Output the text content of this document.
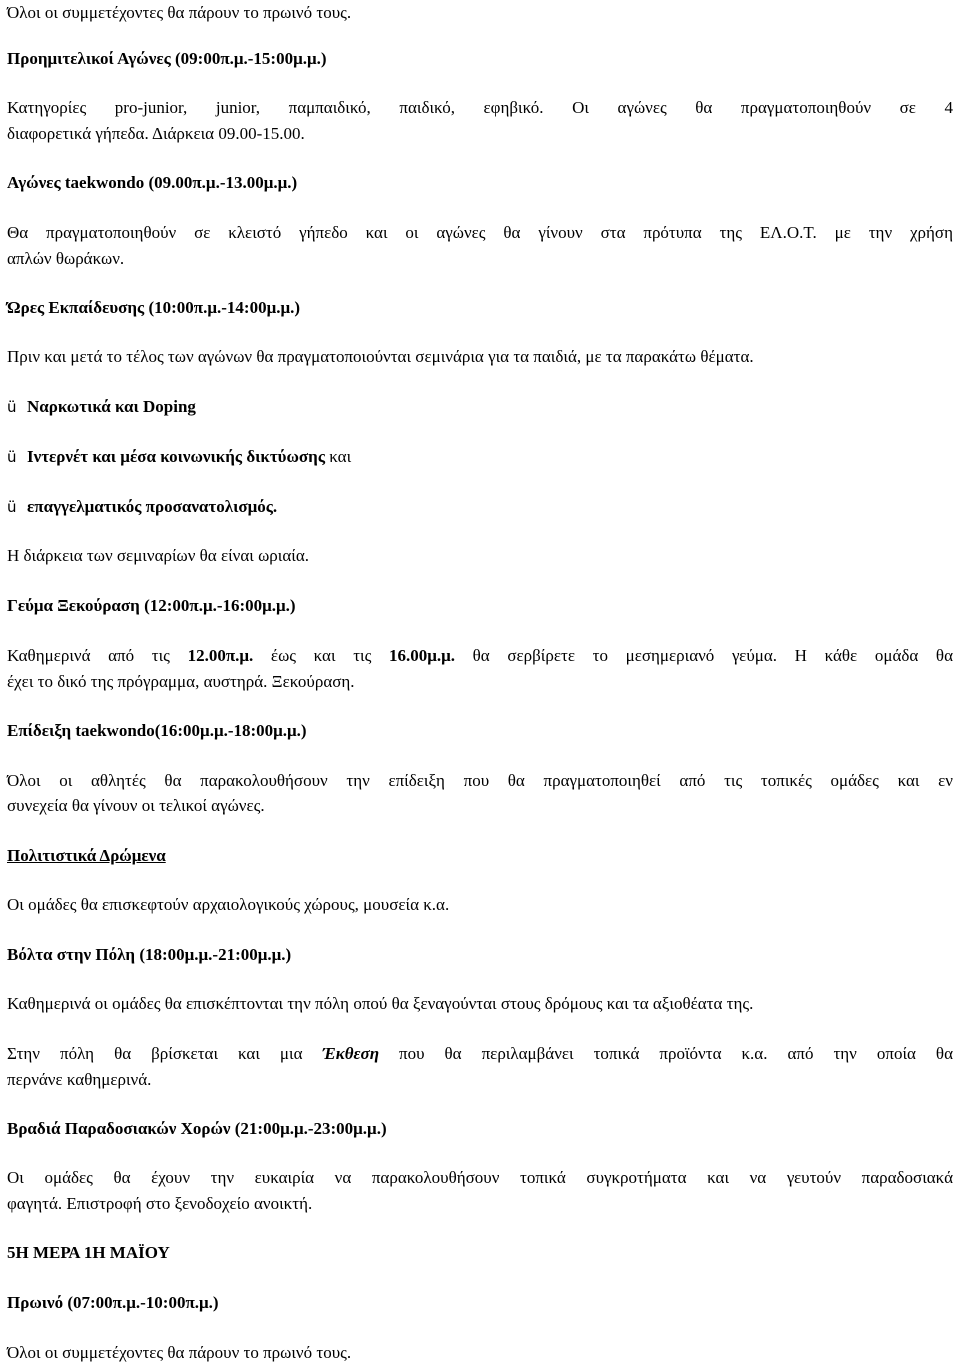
Όλοι οι συμμετέχοντες θα πάρουν το πρωινό τους.
Προημιτελικοί Αγώνες (09:00π.μ.-15:00μ.μ.)
Κατηγορίες pro-junior, junior, παμπαιδικό, παιδικό, εφηβικό. Οι αγώνες θα πραγματοποιηθούν σε 4
διαφορετικά γήπεδα. Διάρκεια 09.00-15.00.
Αγώνες taekwondo (09.00π.μ.-13.00μ.μ.)
Θα πραγματοποιηθούν σε κλειστό γήπεδο και οι αγώνες θα γίνουν στα πρότυπα της ΕΛ.Ο.Τ. με την χρήση
απλών θωράκων.
Ώρες Εκπαίδευσης (10:00π.μ.-14:00μ.μ.)
Πριν και μετά το τέλος των αγώνων θα πραγματοποιούνται σεμινάρια για τα παιδιά, με τα παρακάτω θέματα.
ü Ναρκωτικά και Doping
ü Ιντερνέτ και μέσα κοινωνικής δικτύωσης και
ü επαγγελματικός προσανατολισμός.
Η διάρκεια των σεμιναρίων θα είναι ωριαία.
Γεύμα Ξεκούραση (12:00π.μ.-16:00μ.μ.)
Καθημερινά από τις 12.00π.μ. έως και τις 16.00μ.μ. θα σερβίρετε το μεσημεριανό γεύμα. Η κάθε ομάδα θα
έχει το δικό της πρόγραμμα, αυστηρά. Ξεκούραση.
Επίδειξη taekwondo(16:00μ.μ.-18:00μ.μ.)
Όλοι οι αθλητές θα παρακολουθήσουν την επίδειξη που θα πραγματοποιηθεί από τις τοπικές ομάδες και εν
συνεχεία θα γίνουν οι τελικοί αγώνες.
Πολιτιστικά Δρώμενα
Οι ομάδες θα επισκεφτούν αρχαιολογικούς χώρους, μουσεία κ.α.
Βόλτα στην Πόλη (18:00μ.μ.-21:00μ.μ.)
Καθημερινά οι ομάδες θα επισκέπτονται την πόλη οπού θα ξεναγούνται στους δρόμους και τα αξιοθέατα της.
Στην πόλη θα βρίσκεται και μια Έκθεση που θα περιλαμβάνει τοπικά προϊόντα κ.α. από την οποία θα
περνάνε καθημερινά.
Βραδιά Παραδοσιακών Χορών (21:00μ.μ.-23:00μ.μ.)
Οι ομάδες θα έχουν την ευκαιρία να παρακολουθήσουν τοπικά συγκροτήματα και να γευτούν παραδοσιακά
φαγητά. Επιστροφή στο ξενοδοχείο ανοικτή.
5Η ΜΕΡΑ 1Η ΜΑΪΟΥ
Πρωινό (07:00π.μ.-10:00π.μ.)
Όλοι οι συμμετέχοντες θα πάρουν το πρωινό τους.
